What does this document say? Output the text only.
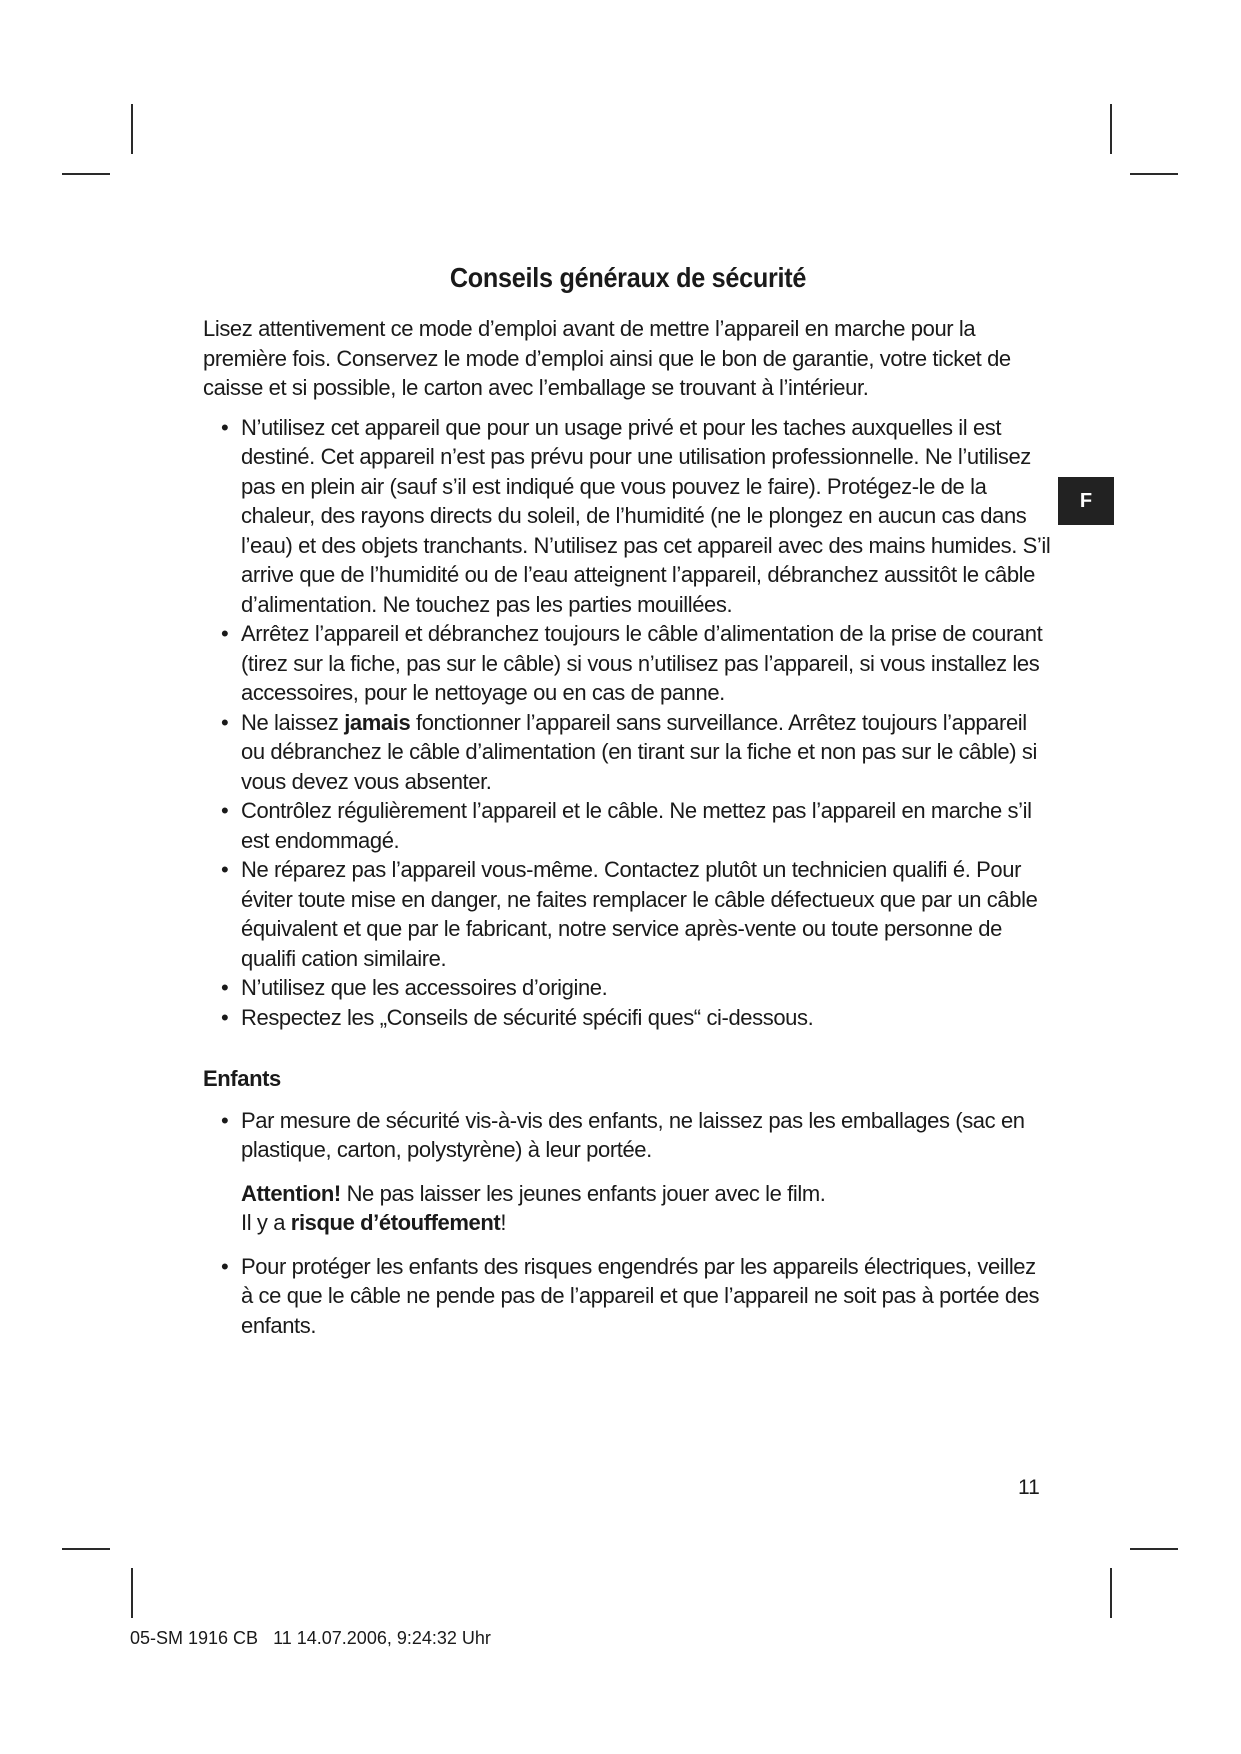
F
Conseils généraux de sécurité

Lisez attentivement ce mode d’emploi avant de mettre l’appareil en marche pour la première fois. Conservez le mode d’emploi ainsi que le bon de garantie, votre ticket de caisse et si possible, le carton avec l’emballage se trouvant à l’intérieur.

• N’utilisez cet appareil que pour un usage privé et pour les taches auxquelles il est destiné. Cet appareil n’est pas prévu pour une utilisation professionnelle. Ne l’utilisez pas en plein air (sauf s’il est indiqué que vous pouvez le faire). Protégez-le de la chaleur, des rayons directs du soleil, de l’humidité (ne le plongez en aucun cas dans l’eau) et des objets tranchants. N’utilisez pas cet appareil avec des mains humides. S’il arrive que de l’humidité ou de l’eau atteignent l’appareil, débranchez aussitôt le câble d’alimentation. Ne touchez pas les parties mouillées.
• Arrêtez l’appareil et débranchez toujours le câble d’alimentation de la prise de courant (tirez sur la fiche, pas sur le câble) si vous n’utilisez pas l’appareil, si vous installez les accessoires, pour le nettoyage ou en cas de panne.
• Ne laissez jamais fonctionner l’appareil sans surveillance. Arrêtez toujours l’appareil ou débranchez le câble d’alimentation (en tirant sur la fiche et non pas sur le câble) si vous devez vous absenter.
• Contrôlez régulièrement l’appareil et le câble. Ne mettez pas l’appareil en marche s’il est endommagé.
• Ne réparez pas l’appareil vous-même. Contactez plutôt un technicien qualifi é. Pour éviter toute mise en danger, ne faites remplacer le câble défectueux que par un câble équivalent et que par le fabricant, notre service après-vente ou toute personne de qualifi cation similaire.
• N’utilisez que les accessoires d’origine.
• Respectez les „Conseils de sécurité spécifi ques“ ci-dessous.
Enfants
• Par mesure de sécurité vis-à-vis des enfants, ne laissez pas les emballages (sac en plastique, carton, polystyrène) à leur portée.
Attention! Ne pas laisser les jeunes enfants jouer avec le film.
Il y a risque d’étouffement!
• Pour protéger les enfants des risques engendrés par les appareils électriques, veillez à ce que le câble ne pende pas de l’appareil et que l’appareil ne soit pas à portée des enfants.
11
05-SM 1916 CB   11 14.07.2006, 9:24:32 Uhr
